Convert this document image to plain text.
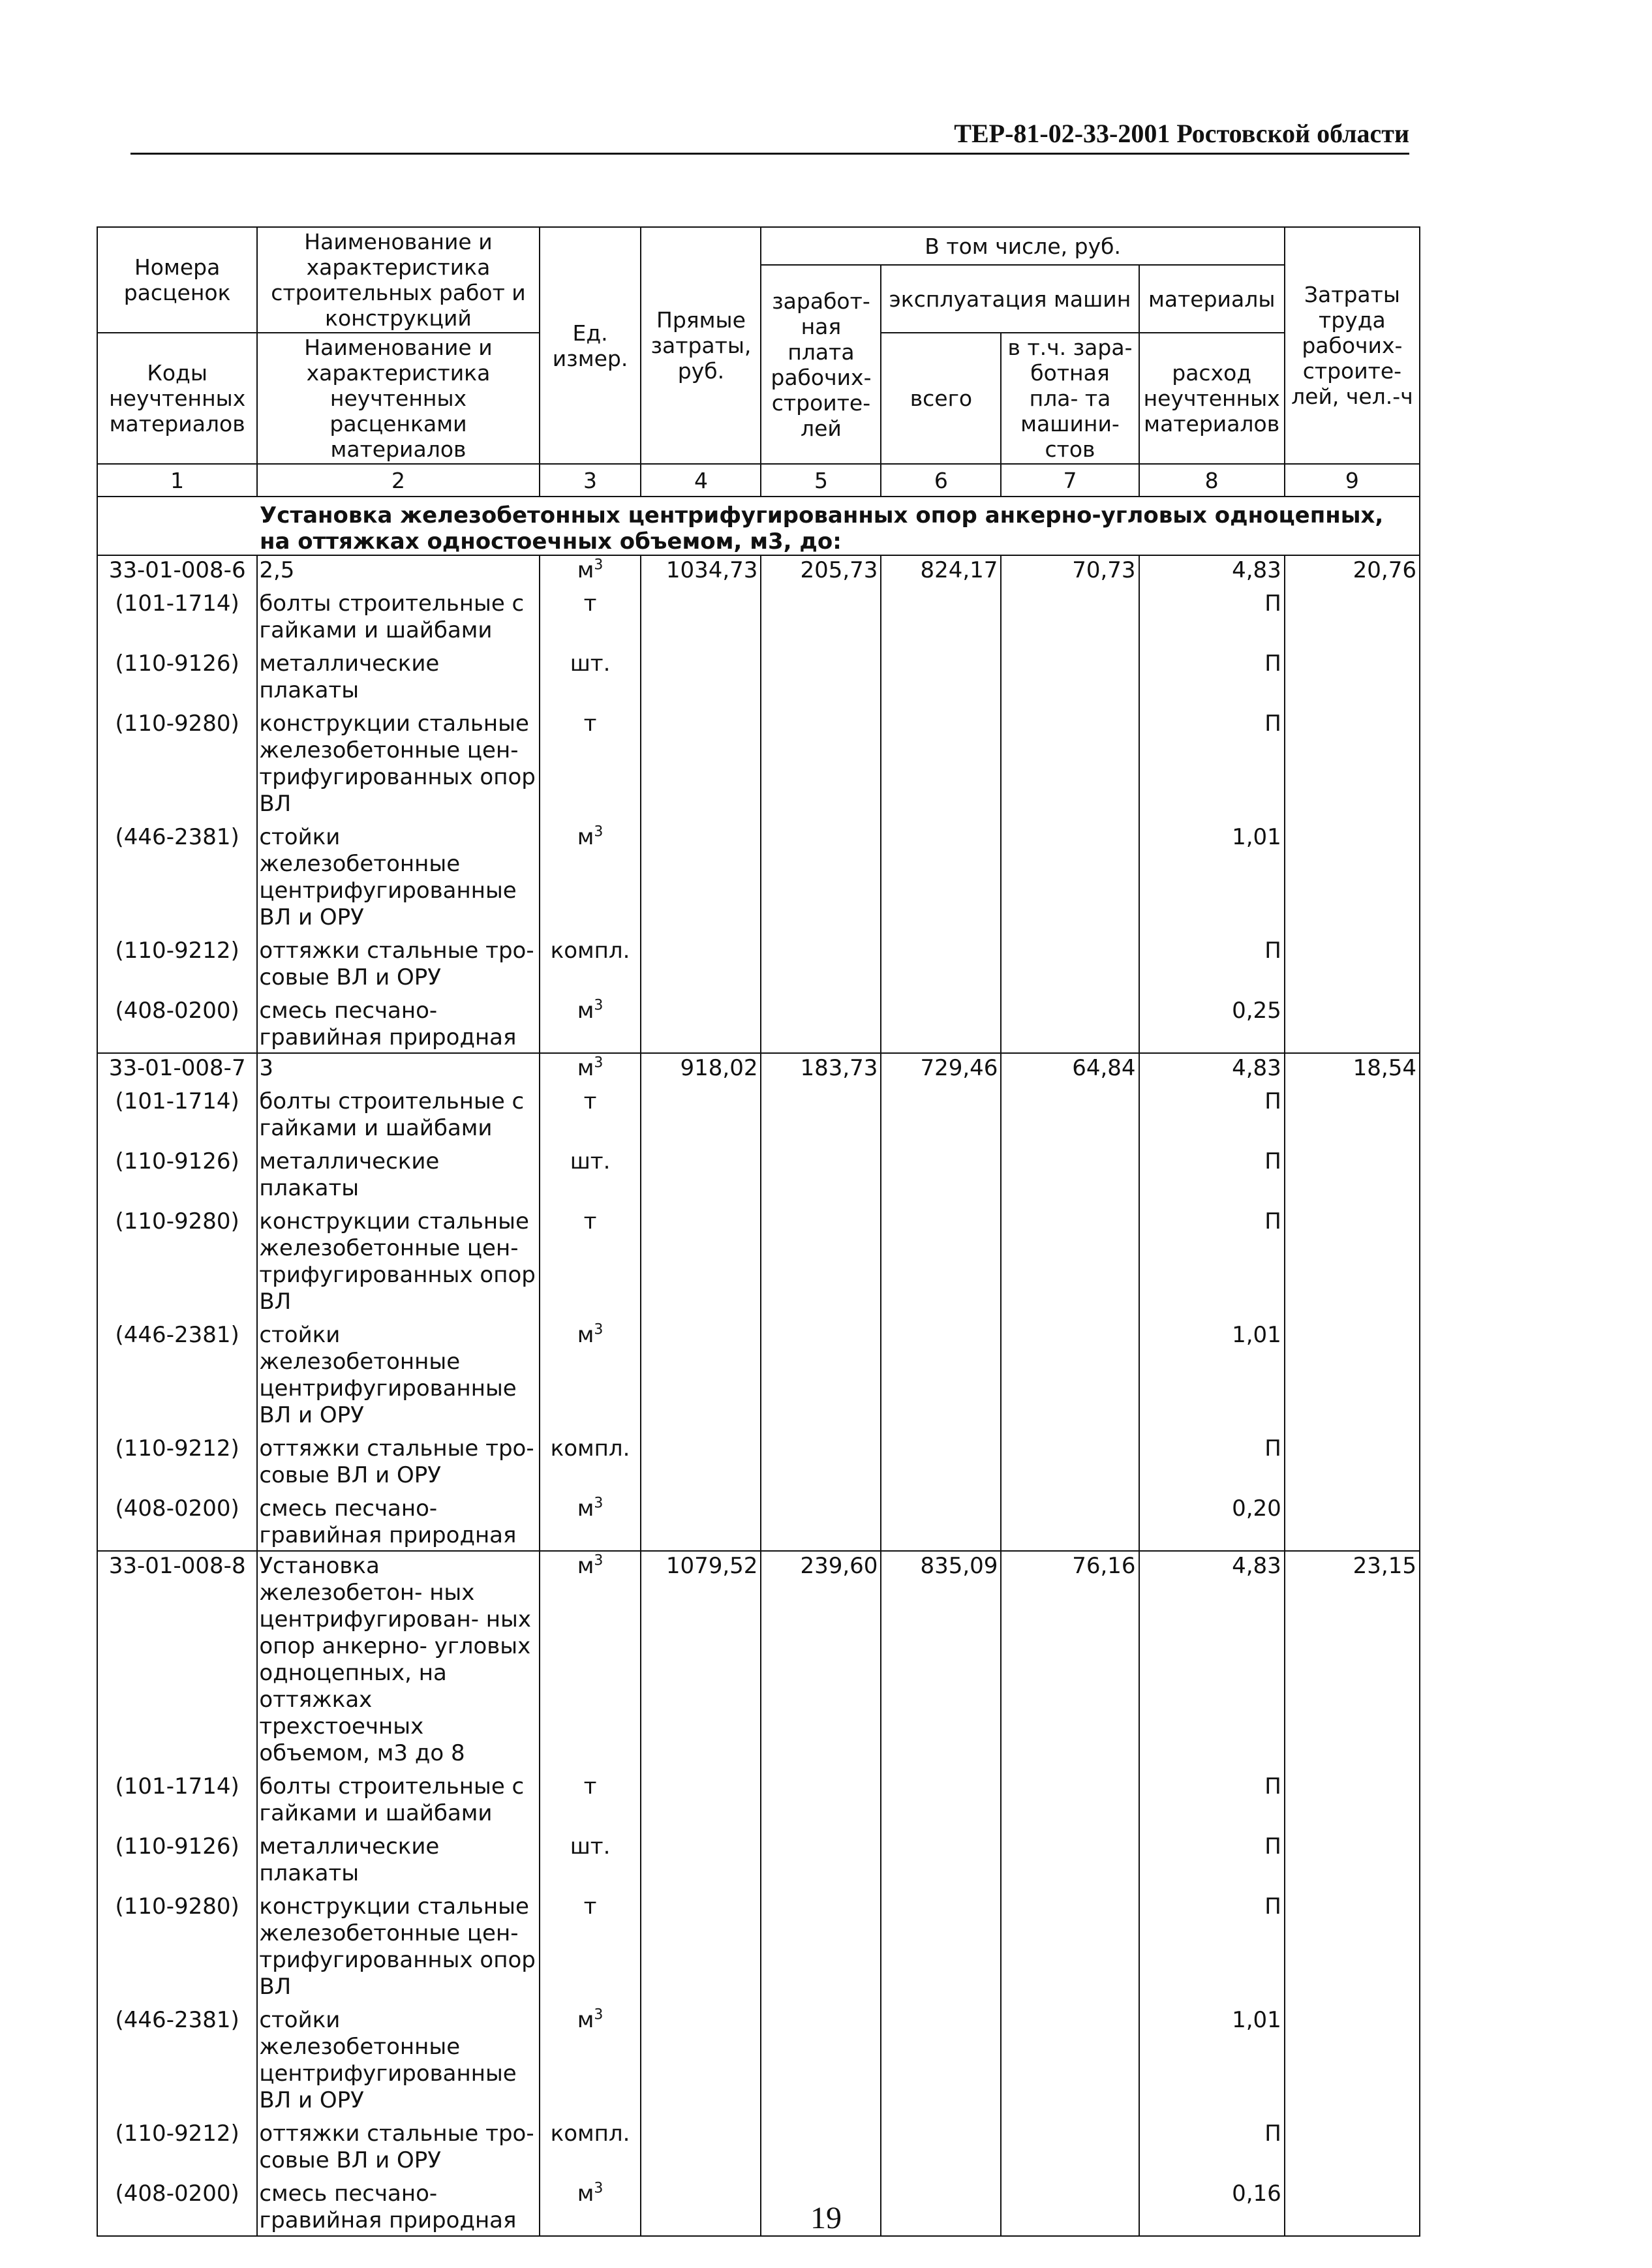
ТЕР-81-02-33-2001 Ростовской области
Номера расценок	Наименование и характеристика строительных работ и конструкций	Ед. измер.	Прямые затраты, руб.	В том числе, руб.				Затраты труда рабочих- строите- лей, чел.-ч
				заработ- ная плата рабочих- строите- лей	эксплуатация машин		материалы	
Коды неучтенных материалов	Наименование и характеристика неучтенных расценками материалов				всего	в т.ч. зара- ботная пла- та машини- стов	расход неучтенных материалов	

1	2	3	4	5	6	7	8	9
Установка железобетонных центрифугированных опор анкерно-угловых одноцепных, на оттяжках одностоечных объемом, м3, до:								
33-01-008-6	2,5	$м^3$	1034,73	205,73	824,17	70,73	4,83	20,76
(101-1714)	болты строительные с гайками и шайбами	т					П	
(110-9126)	металлические плакаты	шт.					П	
(110-9280)	конструкции стальные железобетонные цен- трифугированных опор ВЛ	т					П	
(446-2381)	стойки железобетонные центрифугированные ВЛ и ОРУ	$м^3$					1,01	
(110-9212)	оттяжки стальные тро- совые ВЛ и ОРУ	компл.					П	
(408-0200)	смесь песчано- гравийная природная	$м^3$					0,25	
33-01-008-7	3	$м^3$	918,02	183,73	729,46	64,84	4,83	18,54
(101-1714)	болты строительные с гайками и шайбами	т					П	
(110-9126)	металлические плакаты	шт.					П	
(110-9280)	конструкции стальные железобетонные цен- трифугированных опор ВЛ	т					П	
(446-2381)	стойки железобетонные центрифугированные ВЛ и ОРУ	$м^3$					1,01	
(110-9212)	оттяжки стальные тро- совые ВЛ и ОРУ	компл.					П	
(408-0200)	смесь песчано- гравийная природная	$м^3$					0,20	
33-01-008-8	Установка железобетон- ных центрифугирован- ных опор анкерно- угловых одноцепных, на оттяжках трехстоечных объемом, м3 до 8	$м^3$	1079,52	239,60	835,09	76,16	4,83	23,15
(101-1714)	болты строительные с гайками и шайбами	т					П	
(110-9126)	металлические плакаты	шт.					П	
(110-9280)	конструкции стальные железобетонные цен- трифугированных опор ВЛ	т					П	
(446-2381)	стойки железобетонные центрифугированные ВЛ и ОРУ	$м^3$					1,01	
(110-9212)	оттяжки стальные тро- совые ВЛ и ОРУ	компл.					П	
(408-0200)	смесь песчано- гравийная природная	$м^3$					0,16	
19
